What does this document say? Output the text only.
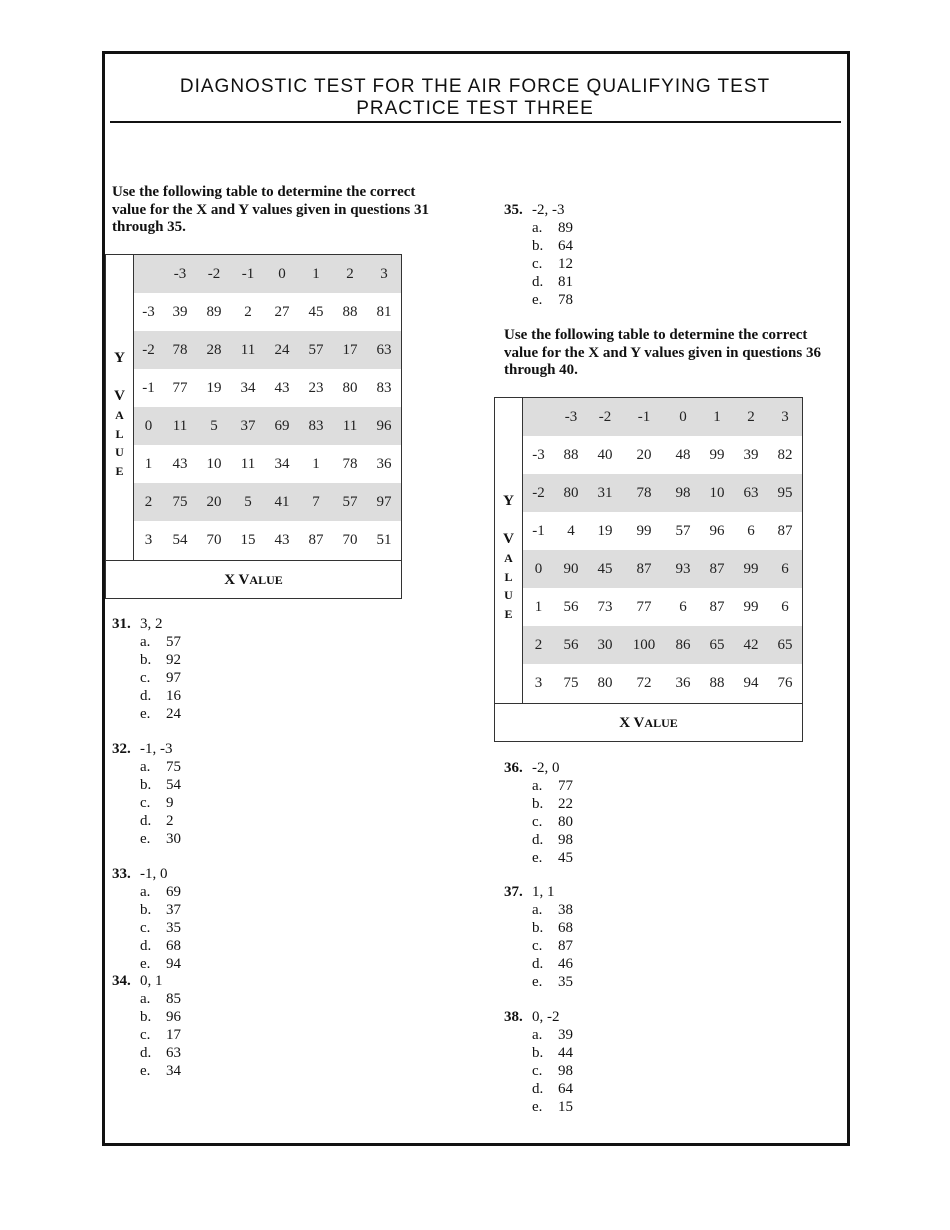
DIAGNOSTIC TEST FOR THE AIR FORCE QUALIFYING TEST
PRACTICE TEST THREE
Use the following table to determine the correct value for the X and Y values given in questions 31 through 35.
Use the following table to determine the correct value for the X and Y values given in questions 36 through 40.
Y
V
A
L
U
E
	-3	-2	-1	0	1	2	3
-3	39	89	2	27	45	88	81
-2	78	28	11	24	57	17	63
-1	77	19	34	43	23	80	83
0	11	5	37	69	83	11	96
1	43	10	11	34	1	78	36
2	75	20	5	41	7	57	97
3	54	70	15	43	87	70	51
X VALUE
Y
V
A
L
U
E
	-3	-2	-1	0	1	2	3
-3	88	40	20	48	99	39	82
-2	80	31	78	98	10	63	95
-1	4	19	99	57	96	6	87
0	90	45	87	93	87	99	6
1	56	73	77	6	87	99	6
2	56	30	100	86	65	42	65
3	75	80	72	36	88	94	76
X VALUE
31. 3, 2
a. 57
b. 92
c. 97
d. 16
e. 24
32. -1, -3
a. 75
b. 54
c. 9
d. 2
e. 30
33. -1, 0
a. 69
b. 37
c. 35
d. 68
e. 94
34. 0, 1
a. 85
b. 96
c. 17
d. 63
e. 34
35. -2, -3
a. 89
b. 64
c. 12
d. 81
e. 78
36. -2, 0
a. 77
b. 22
c. 80
d. 98
e. 45
37. 1, 1
a. 38
b. 68
c. 87
d. 46
e. 35
38. 0, -2
a. 39
b. 44
c. 98
d. 64
e. 15
